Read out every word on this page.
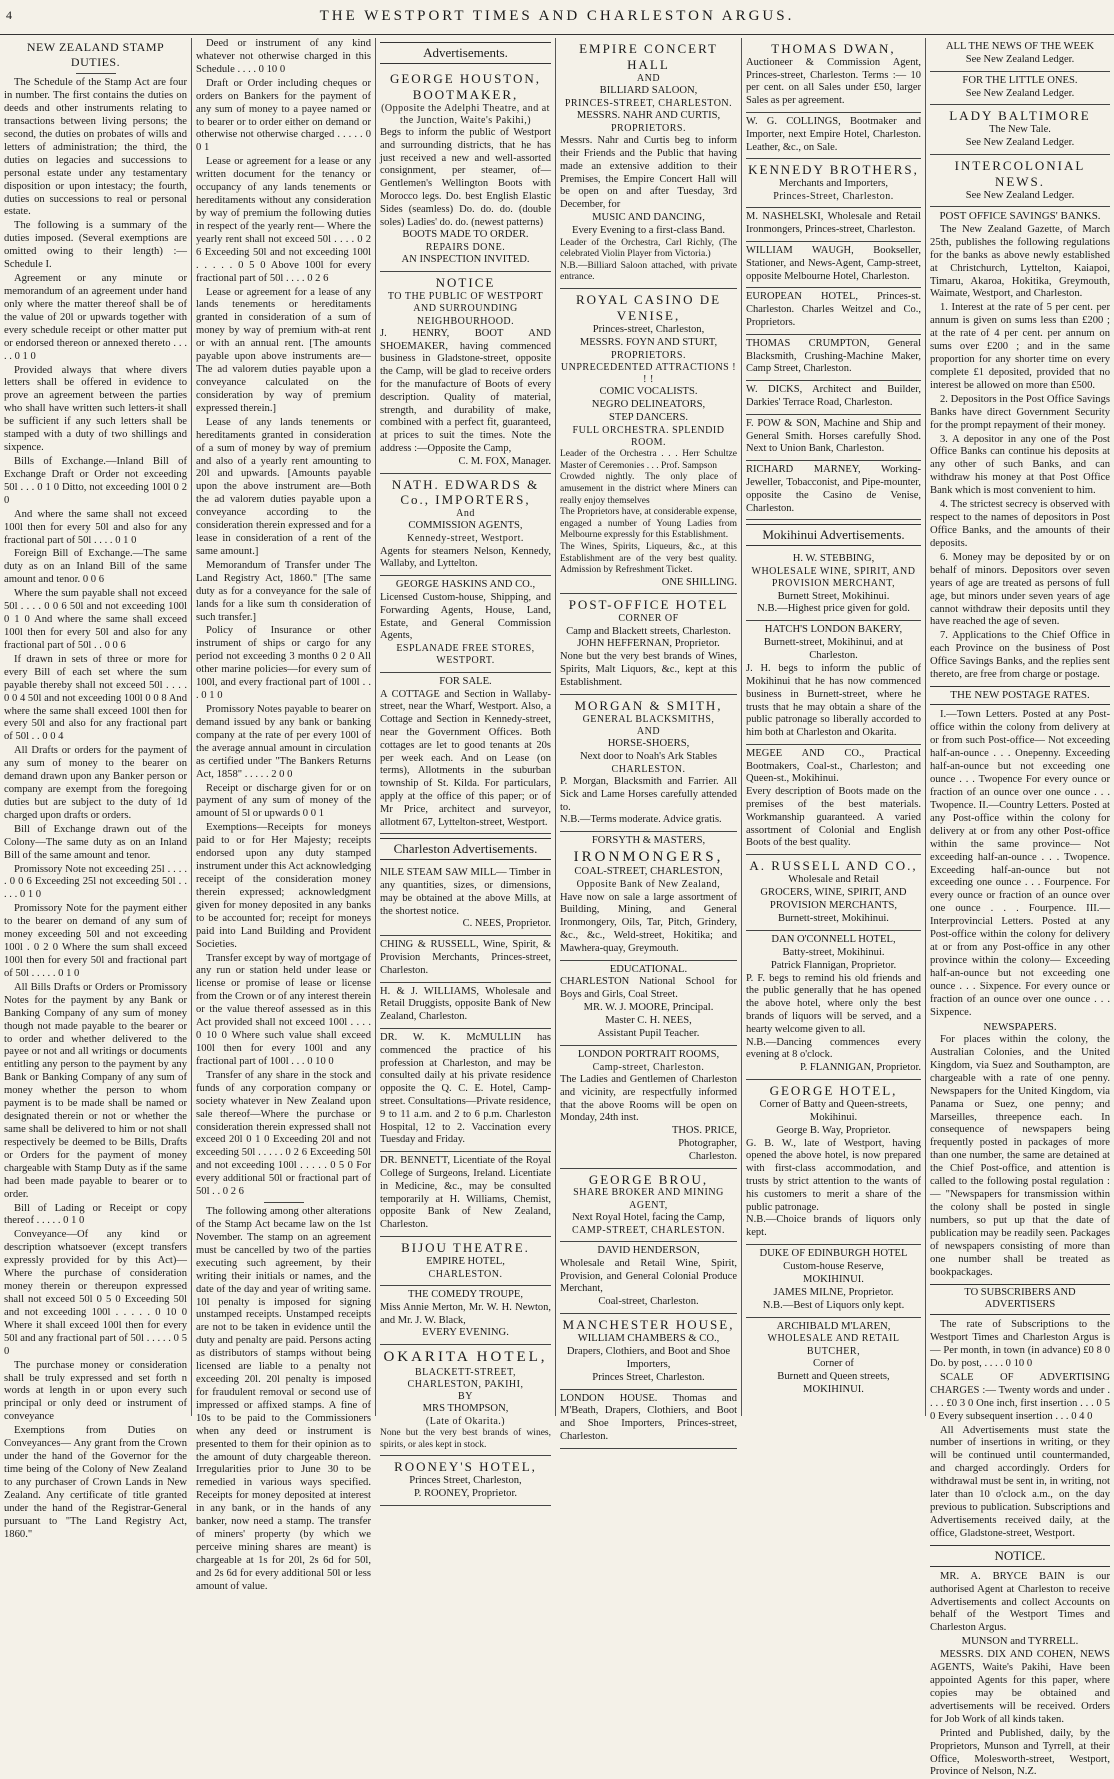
4	THE WESTPORT TIMES AND CHARLESTON ARGUS.
NEW ZEALAND STAMP DUTIES.

The Schedule of the Stamp Act are four in number. The first contains the duties on deeds and other instruments relating to transactions between living persons; the second, the duties on probates of wills and letters of administration; the third, the duties on legacies and successions to personal estate under any testamentary disposition or upon intestacy; the fourth, duties on successions to real or personal estate.

The following is a summary of the duties imposed. (Several exemptions are omitted owing to their length) :— Schedule I.

Agreement or any minute or memorandum of an agreement under hand only where the matter thereof shall be of the value of 20l or upwards together with every schedule receipt or other matter put or endorsed thereon or annexed thereto . . . . . 0 1 0

Provided always that where divers letters shall be offered in evidence to prove an agreement between the parties who shall have written such letters-it shall be sufficient if any such letters shall be stamped with a duty of two shillings and sixpence.

Bills of Exchange.—Inland Bill of Exchange Draft or Order not exceeding 50l . . . 0 1 0 Ditto, not exceeding 100l 0 2 0

And where the same shall not exceed 100l then for every 50l and also for any fractional part of 50l . . . . 0 1 0

Foreign Bill of Exchange.—The same duty as on an Inland Bill of the same amount and tenor. 0 0 6

Where the sum payable shall not exceed 50l . . . . 0 0 6 50l and not exceeding 100l 0 1 0 And where the same shall exceed 100l then for every 50l and also for any fractional part of 50l . . 0 0 6

If drawn in sets of three or more for every Bill of each set where the sum payable thereby shall not exceed 50l . . . . 0 0 4 50l and not exceeding 100l 0 0 8 And where the same shall exceed 100l then for every 50l and also for any fractional part of 50l . . 0 0 4

All Drafts or orders for the payment of any sum of money to the bearer on demand drawn upon any Banker person or company are exempt from the foregoing duties but are subject to the duty of 1d charged upon drafts or orders.

Bill of Exchange drawn out of the Colony—The same duty as on an Inland Bill of the same amount and tenor.

Promissory Note not exceeding 25l . . . . . 0 0 6 Exceeding 25l not exceeding 50l . . . . . 0 1 0

Promissory Note for the payment either to the bearer on demand of any sum of money exceeding 50l and not exceeding 100l . 0 2 0 Where the sum shall exceed 100l then for every 50l and fractional part of 50l . . . . . 0 1 0

All Bills Drafts or Orders or Promissory Notes for the payment by any Bank or Banking Company of any sum of money though not made payable to the bearer or to order and whether delivered to the payee or not and all writings or documents entitling any person to the payment by any Bank or Banking Company of any sum of money whether the person to whom payment is to be made shall be named or designated therein or not or whether the same shall be delivered to him or not shall respectively be deemed to be Bills, Drafts or Orders for the payment of money chargeable with Stamp Duty as if the same had been made payable to bearer or to order.

Bill of Lading or Receipt or copy thereof . . . . . 0 1 0

Conveyance—Of any kind or description whatsoever (except transfers expressly provided for by this Act)— Where the purchase of consideration money therein or thereupon expressed shall not exceed 50l 0 5 0 Exceeding 50l and not exceeding 100l . . . . . 0 10 0 Where it shall exceed 100l then for every 50l and any fractional part of 50l . . . . . 0 5 0

The purchase money or consideration shall be truly expressed and set forth n words at length in or upon every such principal or only deed or instrument of conveyance

Exemptions from Duties on Conveyances— Any grant from the Crown under the hand of the Governor for the time being of the Colony of New Zealand to any purchaser of Crown Lands in New Zealand. Any certificate of title granted under the hand of the Registrar-General pursuant to "The Land Registry Act, 1860."

Deed or instrument of any kind whatever not otherwise charged in this Schedule . . . . 0 10 0

Draft or Order including cheques or orders on Bankers for the payment of any sum of money to a payee named or to bearer or to order either on demand or otherwise not otherwise charged . . . . . 0 0 1

Lease or agreement for a lease or any written document for the tenancy or occupancy of any lands tenements or hereditaments without any consideration by way of premium the following duties in respect of the yearly rent— Where the yearly rent shall not exceed 50l . . . . 0 2 6 Exceeding 50l and not exceeding 100l . . . . . 0 5 0 Above 100l for every fractional part of 50l . . . . 0 2 6

Lease or agreement for a lease of any lands tenements or hereditaments granted in consideration of a sum of money by way of premium with-at rent or with an annual rent. [The amounts payable upon above instruments are—The ad valorem duties payable upon a conveyance calculated on the consideration by way of premium expressed therein.]

Lease of any lands tenements or hereditaments granted in consideration of a sum of money by way of premium and also of a yearly rent amounting to 20l and upwards. [Amounts payable upon the above instrument are—Both the ad valorem duties payable upon a conveyance according to the consideration therein expressed and for a lease in consideration of a rent of the same amount.]

Memorandum of Transfer under The Land Registry Act, 1860." [The same duty as for a conveyance for the sale of lands for a like sum th consideration of such transfer.]

Policy of Insurance or other instrument of ships or cargo for any period not exceeding 3 months 0 2 0 All other marine policies—for every sum of 100l, and every fractional part of 100l . . . 0 1 0

Promissory Notes payable to bearer on demand issued by any bank or banking company at the rate of per every 100l of the average annual amount in circulation as certified under "The Bankers Returns Act, 1858" . . . . . 2 0 0

Receipt or discharge given for or on payment of any sum of money of the amount of 5l or upwards 0 0 1

Exemptions—Receipts for moneys paid to or for Her Majesty; receipts endorsed upon any duty stamped instrument under this Act acknowledging receipt of the consideration money therein expressed; acknowledgment given for money deposited in any banks to be accounted for; receipt for moneys paid into Land Building and Provident Societies.

Transfer except by way of mortgage of any run or station held under lease or license or promise of lease or license from the Crown or of any interest therein or the value thereof assessed as in this Act provided shall not exceed 100l . . . . 0 10 0 Where such value shall exceed 100l then for every 100l and any fractional part of 100l . . . 0 10 0

Transfer of any share in the stock and funds of any corporation company or society whatever in New Zealand upon sale thereof—Where the purchase or consideration therein expressed shall not exceed 20l 0 1 0 Exceeding 20l and not exceeding 50l . . . . . 0 2 6 Exceeding 50l and not exceeding 100l . . . . . 0 5 0 For every additional 50l or fractional part of 50l . . 0 2 6

The following among other alterations of the Stamp Act became law on the 1st November. The stamp on an agreement must be cancelled by two of the parties executing such agreement, by their writing their initials or names, and the date of the day and year of writing same. 10l penalty is imposed for signing unstamped receipts. Unstamped receipts are not to be taken in evidence until the duty and penalty are paid. Persons acting as distributors of stamps without being licensed are liable to a penalty not exceeding 20l. 20l penalty is imposed for fraudulent removal or second use of impressed or affixed stamps. A fine of 10s to be paid to the Commissioners when any deed or instrument is presented to them for their opinion as to the amount of duty chargeable thereon. Irregularities prior to June 30 to be remedied in various ways specified. Receipts for money deposited at interest in any bank, or in the hands of any banker, now need a stamp. The transfer of miners' property (by which we perceive mining shares are meant) is chargeable at 1s for 20l, 2s 6d for 50l, and 2s 6d for every additional 50l or less amount of value.

Advertisements.
GEORGE HOUSTON, BOOTMAKER,
(Opposite the Adelphi Theatre, and at the Junction, Waite's Pakihi,)
Begs to inform the public of Westport and surrounding districts, that he has just received a new and well-assorted consignment, per steamer, of— Gentlemen's Wellington Boots with Morocco legs. Do. best English Elastic Sides (seamless) Do. do. do. (double soles) Ladies' do. do. (newest patterns)
BOOTS MADE TO ORDER.
REPAIRS DONE.
AN INSPECTION INVITED.
NOTICE
TO THE PUBLIC OF WESTPORT AND SURROUNDING NEIGHBOURHOOD.
J. HENRY, BOOT AND SHOEMAKER, having commenced business in Gladstone-street, opposite the Camp, will be glad to receive orders for the manufacture of Boots of every description. Quality of material, strength, and durability of make, combined with a perfect fit, guaranteed, at prices to suit the times. Note the address :—Opposite the Camp,
C. M. FOX, Manager.
NATH. EDWARDS & Co., IMPORTERS,
And
COMMISSION AGENTS,
Kennedy-street, Westport.
Agents for steamers Nelson, Kennedy, Wallaby, and Lyttelton.
GEORGE HASKINS AND CO.,
Licensed Custom-house, Shipping, and Forwarding Agents, House, Land, Estate, and General Commission Agents,
ESPLANADE FREE STORES, WESTPORT.
FOR SALE.
A COTTAGE and Section in Wallaby-street, near the Wharf, Westport. Also, a Cottage and Section in Kennedy-street, near the Government Offices. Both cottages are let to good tenants at 20s per week each. And on Lease (on terms), Allotments in the suburban township of St. Kilda. For particulars, apply at the office of this paper; or of Mr Price, architect and surveyor, allotment 67, Lyttelton-street, Westport.
Charleston Advertisements.
NILE STEAM SAW MILL— Timber in any quantities, sizes, or dimensions, may be obtained at the above Mills, at the shortest notice.
C. NEES, Proprietor.
CHING & RUSSELL, Wine, Spirit, & Provision Merchants, Princes-street, Charleston.
H. & J. WILLIAMS, Wholesale and Retail Druggists, opposite Bank of New Zealand, Charleston.
DR. W. K. McMULLIN has commenced the practice of his profession at Charleston, and may be consulted daily at his private residence opposite the Q. C. E. Hotel, Camp-street. Consultations—Private residence, 9 to 11 a.m. and 2 to 6 p.m. Charleston Hospital, 12 to 2. Vaccination every Tuesday and Friday.
DR. BENNETT, Licentiate of the Royal College of Surgeons, Ireland. Licentiate in Medicine, &c., may be consulted temporarily at H. Williams, Chemist, opposite Bank of New Zealand, Charleston.
BIJOU THEATRE.
EMPIRE HOTEL,
CHARLESTON.
THE COMEDY TROUPE,
Miss Annie Merton, Mr. W. H. Newton, and Mr. J. W. Black,
EVERY EVENING.
OKARITA HOTEL,
BLACKETT-STREET, CHARLESTON, PAKIHI,
BY
MRS THOMPSON,
(Late of Okarita.)
None but the very best brands of wines, spirits, or ales kept in stock.
ROONEY'S HOTEL,
Princes Street, Charleston,
P. ROONEY, Proprietor.
EMPIRE CONCERT HALL
AND
BILLIARD SALOON,
PRINCES-STREET, CHARLESTON.
MESSRS. NAHR AND CURTIS,
PROPRIETORS.
Messrs. Nahr and Curtis beg to inform their Friends and the Public that having made an extensive addition to their Premises, the Empire Concert Hall will be open on and after Tuesday, 3rd December, for
MUSIC AND DANCING,
Every Evening to a first-class Band.
Leader of the Orchestra, Carl Richly, (The celebrated Violin Player from Victoria.)
N.B.—Billiard Saloon attached, with private entrance.
ROYAL CASINO DE VENISE,
Princes-street, Charleston,
MESSRS. FOYN AND STURT,
PROPRIETORS.
UNPRECEDENTED ATTRACTIONS ! ! !
COMIC VOCALISTS.
NEGRO DELINEATORS,
STEP DANCERS.
FULL ORCHESTRA. SPLENDID ROOM.
Leader of the Orchestra . . . Herr Schultze Master of Ceremonies . . . Prof. Sampson
Crowded nightly. The only place of amusement in the district where Miners can really enjoy themselves
The Proprietors have, at considerable expense, engaged a number of Young Ladies from Melbourne expressly for this Establishment.
The Wines, Spirits, Liqueurs, &c., at this Establishment are of the very best quality. Admission by Refreshment Ticket.
ONE SHILLING.
POST-OFFICE HOTEL
CORNER OF
Camp and Blackett streets, Charleston.
JOHN HEFFERNAN, Proprietor.
None but the very best brands of Wines, Spirits, Malt Liquors, &c., kept at this Establishment.
MORGAN & SMITH,
GENERAL BLACKSMITHS,
AND
HORSE-SHOERS,
Next door to Noah's Ark Stables
CHARLESTON.
P. Morgan, Blacksmith and Farrier. All Sick and Lame Horses carefully attended to.
N.B.—Terms moderate. Advice gratis.
FORSYTH & MASTERS,
IRONMONGERS,
COAL-STREET, CHARLESTON,
Opposite Bank of New Zealand,
Have now on sale a large assortment of Building, Mining, and General Ironmongery, Oils, Tar, Pitch, Grindery, &c., &c., Weld-street, Hokitika; and Mawhera-quay, Greymouth.
EDUCATIONAL.
CHARLESTON National School for Boys and Girls, Coal Street.
MR. W. J. MOORE, Principal.
Master C. H. NEES,
Assistant Pupil Teacher.
LONDON PORTRAIT ROOMS,
Camp-street, Charleston.
The Ladies and Gentlemen of Charleston and vicinity, are respectfully informed that the above Rooms will be open on Monday, 24th inst.
THOS. PRICE,
Photographer,
Charleston.
GEORGE BROU,
SHARE BROKER AND MINING AGENT,
Next Royal Hotel, facing the Camp,
CAMP-STREET, CHARLESTON.
DAVID HENDERSON,
Wholesale and Retail Wine, Spirit, Provision, and General Colonial Produce Merchant,
Coal-street, Charleston.
MANCHESTER HOUSE,
WILLIAM CHAMBERS & CO.,
Drapers, Clothiers, and Boot and Shoe Importers,
Princes Street, Charleston.
LONDON HOUSE. Thomas and M'Beath, Drapers, Clothiers, and Boot and Shoe Importers, Princes-street, Charleston.
THOMAS DWAN,
Auctioneer & Commission Agent, Princes-street, Charleston. Terms :— 10 per cent. on all Sales under £50, larger Sales as per agreement.
W. G. COLLINGS, Bootmaker and Importer, next Empire Hotel, Charleston. Leather, &c., on Sale.
KENNEDY BROTHERS,
Merchants and Importers,
Princes-Street, Charleston.
M. NASHELSKI, Wholesale and Retail Ironmongers, Princes-street, Charleston.
WILLIAM WAUGH, Bookseller, Stationer, and News-Agent, Camp-street, opposite Melbourne Hotel, Charleston.
EUROPEAN HOTEL, Princes-st. Charleston. Charles Weitzel and Co., Proprietors.
THOMAS CRUMPTON, General Blacksmith, Crushing-Machine Maker, Camp Street, Charleston.
W. DICKS, Architect and Builder, Darkies' Terrace Road, Charleston.
F. POW & SON, Machine and Ship and General Smith. Horses carefully Shod. Next to Union Bank, Charleston.
RICHARD MARNEY, Working-Jeweller, Tobacconist, and Pipe-mounter, opposite the Casino de Venise, Charleston.
Mokihinui Advertisements.
H. W. STEBBING,
WHOLESALE WINE, SPIRIT, AND PROVISION MERCHANT,
Burnett Street, Mokihinui.
N.B.—Highest price given for gold.
HATCH'S LONDON BAKERY,
Burnett-street, Mokihinui, and at Charleston.
J. H. begs to inform the public of Mokihinui that he has now commenced business in Burnett-street, where he trusts that he may obtain a share of the public patronage so liberally accorded to him both at Charleston and Okarita.
MEGEE AND CO., Practical Bootmakers, Coal-st., Charleston; and Queen-st., Mokihinui.
Every description of Boots made on the premises of the best materials. Workmanship guaranteed. A varied assortment of Colonial and English Boots of the best quality.
A. RUSSELL AND CO.,
Wholesale and Retail
GROCERS, WINE, SPIRIT, AND PROVISION MERCHANTS,
Burnett-street, Mokihinui.
DAN O'CONNELL HOTEL,
Batty-street, Mokihinui.
Patrick Flannigan, Proprietor.
P. F. begs to remind his old friends and the public generally that he has opened the above hotel, where only the best brands of liquors will be served, and a hearty welcome given to all.
N.B.—Dancing commences every evening at 8 o'clock.
P. FLANNIGAN, Proprietor.
GEORGE HOTEL,
Corner of Batty and Queen-streets, Mokihinui.
George B. Way, Proprietor.
G. B. W., late of Westport, having opened the above hotel, is now prepared with first-class accommodation, and trusts by strict attention to the wants of his customers to merit a share of the public patronage.
N.B.—Choice brands of liquors only kept.
DUKE OF EDINBURGH HOTEL
Custom-house Reserve,
MOKIHINUI.
JAMES MILNE, Proprietor.
N.B.—Best of Liquors only kept.
ARCHIBALD M'LAREN,
WHOLESALE AND RETAIL BUTCHER,
Corner of
Burnett and Queen streets,
MOKIHINUI.
ALL THE NEWS OF THE WEEK
See New Zealand Ledger.
FOR THE LITTLE ONES.
See New Zealand Ledger.
LADY BALTIMORE
The New Tale.
See New Zealand Ledger.
INTERCOLONIAL NEWS.
See New Zealand Ledger.
POST OFFICE SAVINGS' BANKS.

The New Zealand Gazette, of March 25th, publishes the following regulations for the banks as above newly established at Christchurch, Lyttelton, Kaiapoi, Timaru, Akaroa, Hokitika, Greymouth, Waimate, Westport, and Charleston.

1. Interest at the rate of 5 per cent. per annum is given on sums less than £200 ; at the rate of 4 per cent. per annum on sums over £200 ; and in the same proportion for any shorter time on every complete £1 deposited, provided that no interest be allowed on more than £500.

2. Depositors in the Post Office Savings Banks have direct Government Security for the prompt repayment of their money.

3. A depositor in any one of the Post Office Banks can continue his deposits at any other of such Banks, and can withdraw his money at that Post Office Bank which is most convenient to him.

4. The strictest secrecy is observed with respect to the names of depositors in Post Office Banks, and the amounts of their deposits.

6. Money may be deposited by or on behalf of minors. Depositors over seven years of age are treated as persons of full age, but minors under seven years of age cannot withdraw their deposits until they have reached the age of seven.

7. Applications to the Chief Office in each Province on the business of Post Office Savings Banks, and the replies sent thereto, are free from charge or postage.

THE NEW POSTAGE RATES.

I.—Town Letters. Posted at any Post-office within the colony from delivery at or from such Post-office— Not exceeding half-an-ounce . . . Onepenny. Exceeding half-an-ounce but not exceeding one ounce . . . Twopence For every ounce or fraction of an ounce over one ounce . . . Twopence. II.—Country Letters. Posted at any Post-office within the colony for delivery at or from any other Post-office within the same province— Not exceeding half-an-ounce . . . Twopence. Exceeding half-an-ounce but not exceeding one ounce . . . Fourpence. For every ounce or fraction of an ounce over one ounce . . . Fourpence. III.—Interprovincial Letters. Posted at any Post-office within the colony for delivery at or from any Post-office in any other province within the colony— Exceeding half-an-ounce but not exceeding one ounce . . . Sixpence. For every ounce or fraction of an ounce over one ounce . . . Sixpence.

NEWSPAPERS.

For places within the colony, the Australian Colonies, and the United Kingdom, via Suez and Southampton, are chargeable with a rate of one penny. Newspapers for the United Kingdom, via Panama or Suez, one penny; and Marseilles, threepence each. In consequence of newspapers being frequently posted in packages of more than one number, the same are detained at the Chief Post-office, and attention is called to the following postal regulation :— "Newspapers for transmission within the colony shall be posted in single numbers, so put up that the date of publication may be readily seen. Packages of newspapers consisting of more than one number shall be treated as bookpackages.

TO SUBSCRIBERS AND ADVERTISERS

The rate of Subscriptions to the Westport Times and Charleston Argus is— Per month, in town (in advance) £0 8 0 Do. by post, . . . . 0 10 0

SCALE OF ADVERTISING CHARGES :— Twenty words and under . . . . £0 3 0 One inch, first insertion . . . 0 5 0 Every subsequent insertion . . . 0 4 0

All Advertisements must state the number of insertions in writing, or they will be continued until countermanded, and charged accordingly. Orders for withdrawal must be sent in, in writing, not later than 10 o'clock a.m., on the day previous to publication. Subscriptions and Advertisements received daily, at the office, Gladstone-street, Westport.

NOTICE.

MR. A. BRYCE BAIN is our authorised Agent at Charleston to receive Advertisements and collect Accounts on behalf of the Westport Times and Charleston Argus.

MUNSON and TYRRELL.

MESSRS. DIX AND COHEN, NEWS AGENTS, Waite's Pakihi, Have been appointed Agents for this paper, where copies may be obtained and advertisements will be received. Orders for Job Work of all kinds taken.

Printed and Published, daily, by the Proprietors, Munson and Tyrrell, at their Office, Molesworth-street, Westport, Province of Nelson, N.Z.
